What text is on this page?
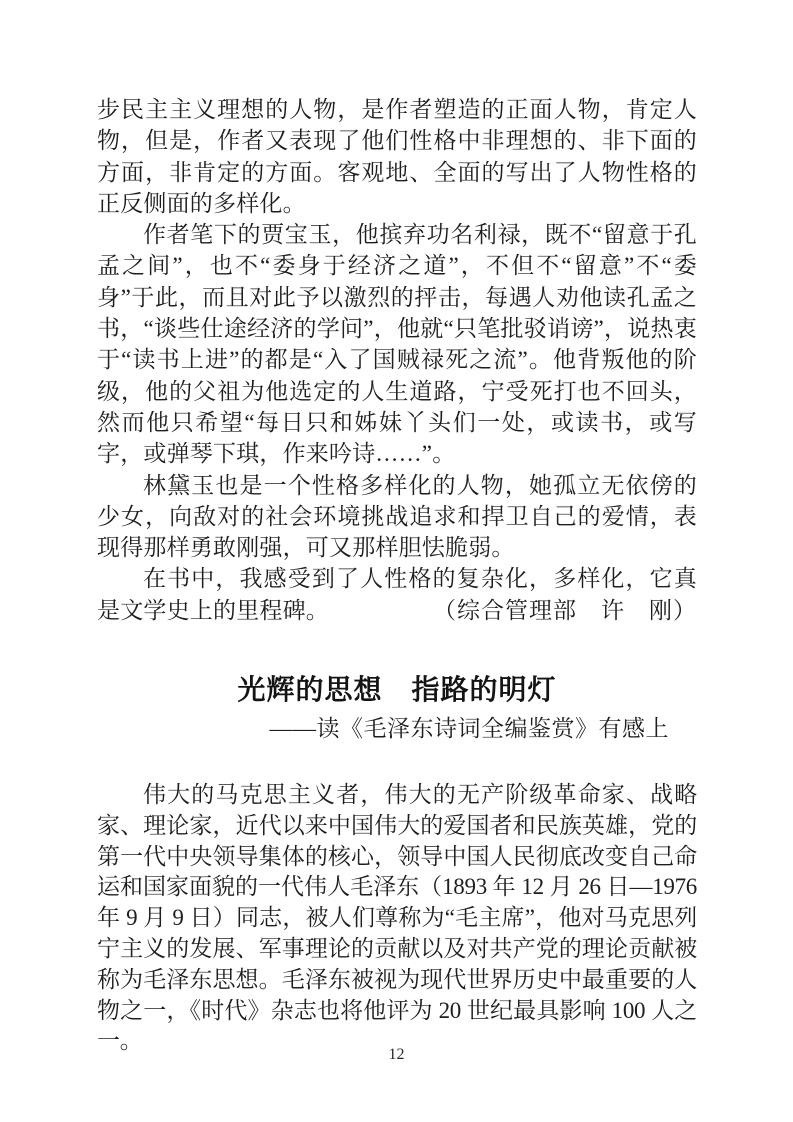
步民主主义理想的人物，是作者塑造的正面人物，肯定人物，但是，作者又表现了他们性格中非理想的、非下面的方面，非肯定的方面。客观地、全面的写出了人物性格的正反侧面的多样化。

作者笔下的贾宝玉，他摈弃功名利禄，既不“留意于孔孟之间”，也不“委身于经济之道”，不但不“留意”不“委身”于此，而且对此予以激烈的抨击，每遇人劝他读孔孟之书，“谈些仕途经济的学问”，他就“只笔批驳诮谤”，说热衷于“读书上进”的都是“入了国贼禄死之流”。他背叛他的阶级，他的父祖为他选定的人生道路，宁受死打也不回头，然而他只希望“每日只和姊妹丫头们一处，或读书，或写字，或弹琴下琪，作来吟诗……”。

林黛玉也是一个性格多样化的人物，她孤立无依傍的少女，向敌对的社会环境挑战追求和捍卫自己的爱情，表现得那样勇敢刚强，可又那样胆怯脆弱。

在书中，我感受到了人性格的复杂化，多样化，它真是文学史上的里程碑。	（综合管理部　许　刚）

光辉的思想　指路的明灯

——读《毛泽东诗词全编鉴赏》有感上

伟大的马克思主义者，伟大的无产阶级革命家、战略家、理论家，近代以来中国伟大的爱国者和民族英雄，党的第一代中央领导集体的核心，领导中国人民彻底改变自己命运和国家面貌的一代伟人毛泽东（1893 年 12 月 26 日—1976 年 9 月 9 日）同志，被人们尊称为“毛主席”，他对马克思列宁主义的发展、军事理论的贡献以及对共产党的理论贡献被称为毛泽东思想。毛泽东被视为现代世界历史中最重要的人物之一，《时代》杂志也将他评为 20 世纪最具影响 100 人之一。

12
